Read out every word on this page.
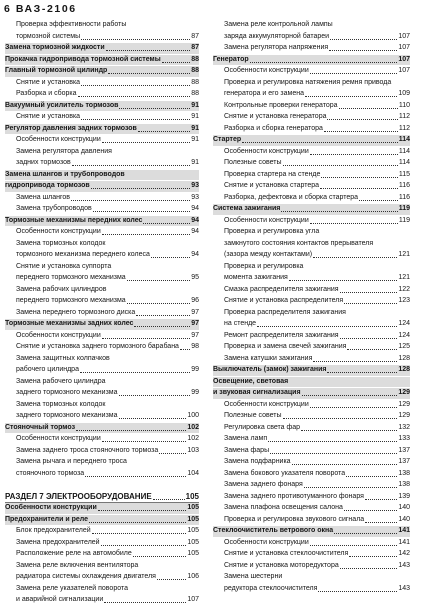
6 ВАЗ-2106
Проверка эффективности работы
тормозной системы	87
Замена тормозной жидкости	87
Прокачка гидропривода тормозной системы	88
Главный тормозной цилиндр	88
Снятие и установка	88
Разборка и сборка	88
Вакуумный усилитель тормозов	91
Снятие и установка	91
Регулятор давления задних тормозов	91
Особенности конструкции	91
Замена регулятора давления
задних тормозов	91
Замена шлангов и трубопроводов
гидропривода тормозов	93
Замена шлангов	93
Замена трубопроводов	94
Тормозные механизмы передних колес	94
Особенности конструкции	94
Замена тормозных колодок
тормозного механизма переднего колеса	94
Снятие и установка суппорта
переднего тормозного механизма	95
Замена рабочих цилиндров
переднего тормозного механизма	96
Замена переднего тормозного диска	97
Тормозные механизмы задних колес	97
Особенности конструкции	97
Снятие и установка заднего тормозного барабана 98
Замена защитных колпачков
рабочего цилиндра	99
Замена рабочего цилиндра
заднего тормозного механизма	99
Замена тормозных колодок
заднего тормозного механизма	100
Стояночный тормоз	102
Особенности конструкции	102
Замена заднего троса стояночного тормоза	103
Замена рычага и переднего троса
стояночного тормоза	104
РАЗДЕЛ 7 ЭЛЕКТРООБОРУДОВАНИЕ	105
Особенности конструкции	105
Предохранители и реле	105
Блок предохранителей	105
Замена предохранителей	105
Расположение реле на автомобиле	105
Замена реле включения вентилятора
радиатора системы охлаждения двигателя	106
Замена реле указателей поворота
и аварийной сигнализации	107
Замена реле контрольной лампы
заряда аккумуляторной батареи	107
Замена регулятора напряжения	107
Генератор	107
Особенности конструкции	107
Проверка и регулировка натяжения ремня привода
генератора и его замена	109
Контрольные проверки генератора	110
Снятие и установка генератора	112
Разборка и сборка генератора	112
Стартер	114
Особенности конструкции	114
Полезные советы	114
Проверка стартера на стенде	115
Снятие и установка стартера	116
Разборка, дефектовка и сборка стартера	116
Система зажигания	119
Особенности конструкции	119
Проверка и регулировка угла
замкнутого состояния контактов прерывателя
(зазора между контактами)	121
Проверка и регулировка
момента зажигания	121
Смазка распределителя зажигания	122
Снятие и установка распределителя	123
Проверка распределителя зажигания
на стенде	124
Ремонт распределителя зажигания	124
Проверка и замена свечей зажигания	125
Замена катушки зажигания	128
Выключатель (замок) зажигания	128
Освещение, световая
и звуковая сигнализация	129
Особенности конструкции	129
Полезные советы	129
Регулировка света фар	132
Замена ламп	133
Замена фары	137
Замена подфарника	137
Замена бокового указателя поворота	138
Замена заднего фонаря	138
Замена заднего противотуманного фонаря	139
Замена плафона освещения салона	140
Проверка и регулировка звукового сигнала	140
Стеклоочиститель ветрового окна	141
Особенности конструкции	141
Снятие и установка стеклоочистителя	142
Снятие и установка моторедуктора	143
Замена шестерни
редуктора стеклоочистителя	143
